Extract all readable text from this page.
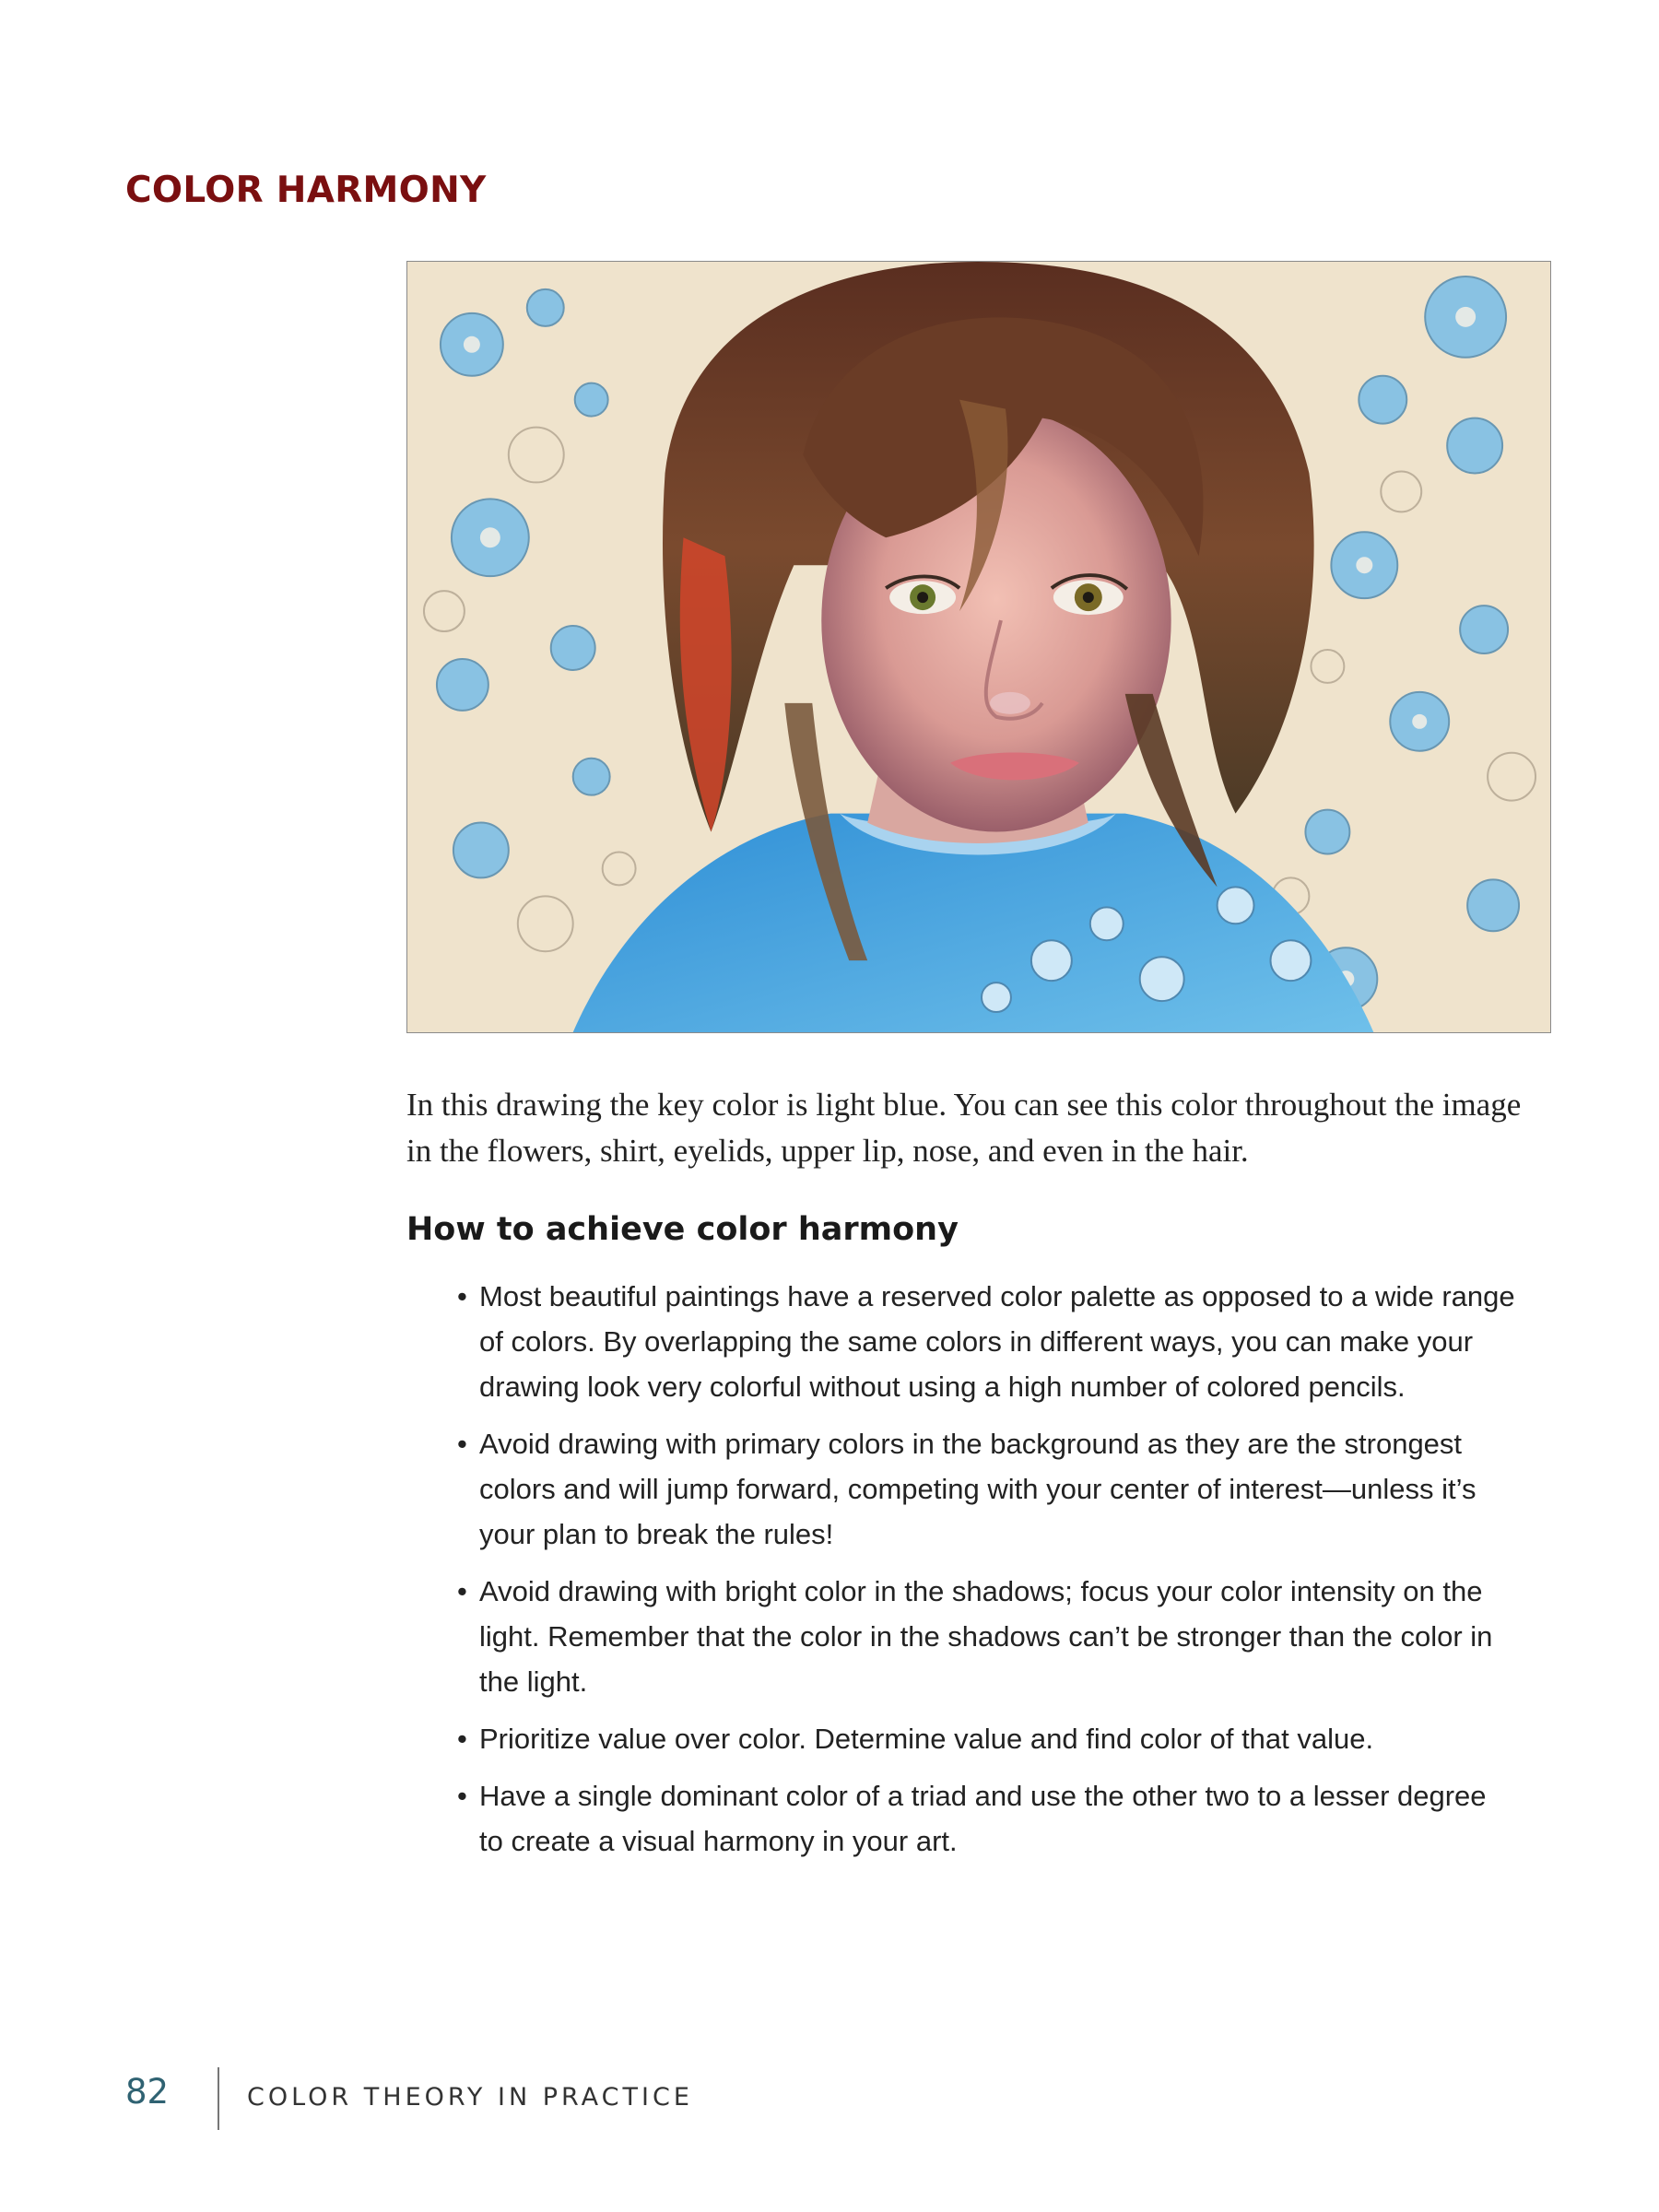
COLOR HARMONY

In this drawing the key color is light blue. You can see this color throughout the image in the flowers, shirt, eyelids, upper lip, nose, and even in the hair.

How to achieve color harmony
• Most beautiful paintings have a reserved color palette as opposed to a wide range of colors. By overlapping the same colors in different ways, you can make your drawing look very colorful without using a high number of colored pencils.
• Avoid drawing with primary colors in the background as they are the strongest colors and will jump forward, competing with your center of interest—unless it’s your plan to break the rules!
• Avoid drawing with bright color in the shadows; focus your color intensity on the light. Remember that the color in the shadows can’t be stronger than the color in the light.
• Prioritize value over color. Determine value and find color of that value.
• Have a single dominant color of a triad and use the other two to a lesser degree to create a visual harmony in your art.
82	COLOR THEORY IN PRACTICE
